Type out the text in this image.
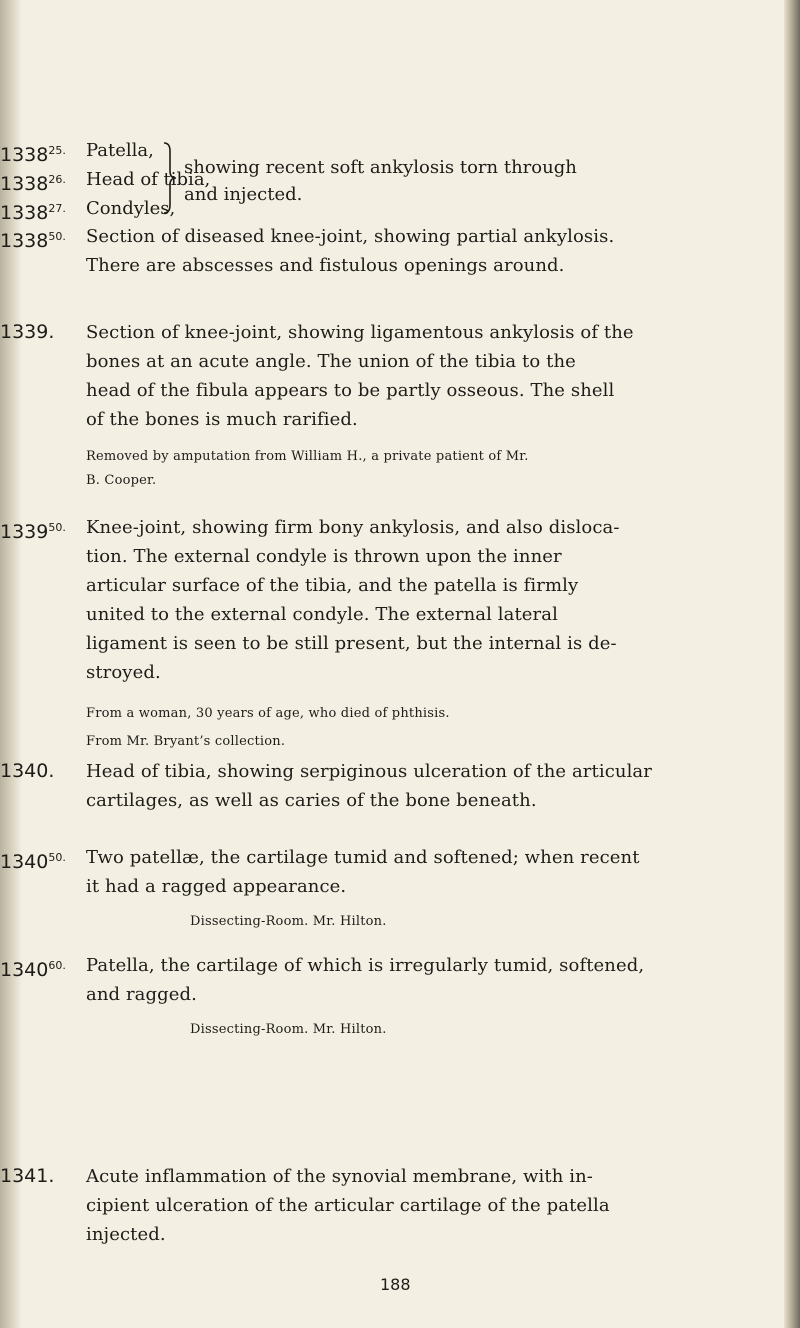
$1338^{25.}$	Patella,
$1338^{26.}$	Head of tibia,
$1338^{27.}$	Condyles,
showing recent soft ankylosis torn through
and injected.
$1338^{50.}$	Section of diseased knee-joint, showing partial ankylosis.
There are abscesses and fistulous openings around.
1339.	Section of knee-joint, showing ligamentous ankylosis of the
bones at an acute angle. The union of the tibia to the
head of the fibula appears to be partly osseous. The shell
of the bones is much rarified.
Removed by amputation from William H., a private patient of Mr.
B. Cooper.
$1339^{50.}$	Knee-joint, showing firm bony ankylosis, and also disloca-
tion. The external condyle is thrown upon the inner
articular surface of the tibia, and the patella is firmly
united to the external condyle. The external lateral
ligament is seen to be still present, but the internal is de-
stroyed.
From a woman, 30 years of age, who died of phthisis.
From Mr. Bryant’s collection.
1340.	Head of tibia, showing serpiginous ulceration of the articular
cartilages, as well as caries of the bone beneath.
$1340^{50.}$	Two patellæ, the cartilage tumid and softened; when recent
it had a ragged appearance.
Dissecting-Room. Mr. Hilton.
$1340^{60.}$	Patella, the cartilage of which is irregularly tumid, softened,
and ragged.
Dissecting-Room. Mr. Hilton.
1341.	Acute inflammation of the synovial membrane, with in-
cipient ulceration of the articular cartilage of the patella
injected.
188
